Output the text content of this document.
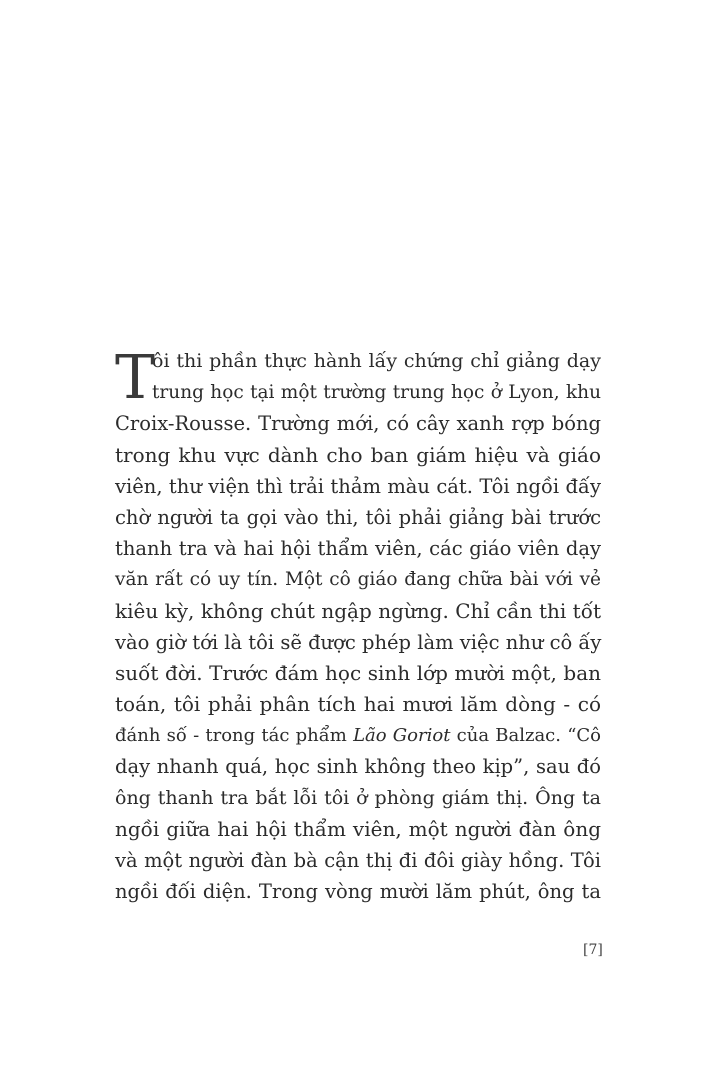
T
ôi thi phần thực hành lấy chứng chỉ giảng dạy
trung học tại một trường trung học ở Lyon, khu
Croix-Rousse. Trường mới, có cây xanh rợp bóng
trong khu vực dành cho ban giám hiệu và giáo
viên, thư viện thì trải thảm màu cát. Tôi ngồi đấy
chờ người ta gọi vào thi, tôi phải giảng bài trước
thanh tra và hai hội thẩm viên, các giáo viên dạy
văn rất có uy tín. Một cô giáo đang chữa bài với vẻ
kiêu kỳ, không chút ngập ngừng. Chỉ cần thi tốt
vào giờ tới là tôi sẽ được phép làm việc như cô ấy
suốt đời. Trước đám học sinh lớp mười một, ban
toán, tôi phải phân tích hai mươi lăm dòng - có
đánh số - trong tác phẩm Lão Goriot của Balzac. “Cô
dạy nhanh quá, học sinh không theo kịp”, sau đó
ông thanh tra bắt lỗi tôi ở phòng giám thị. Ông ta
ngồi giữa hai hội thẩm viên, một người đàn ông
và một người đàn bà cận thị đi đôi giày hồng. Tôi
ngồi đối diện. Trong vòng mười lăm phút, ông ta
[7]
